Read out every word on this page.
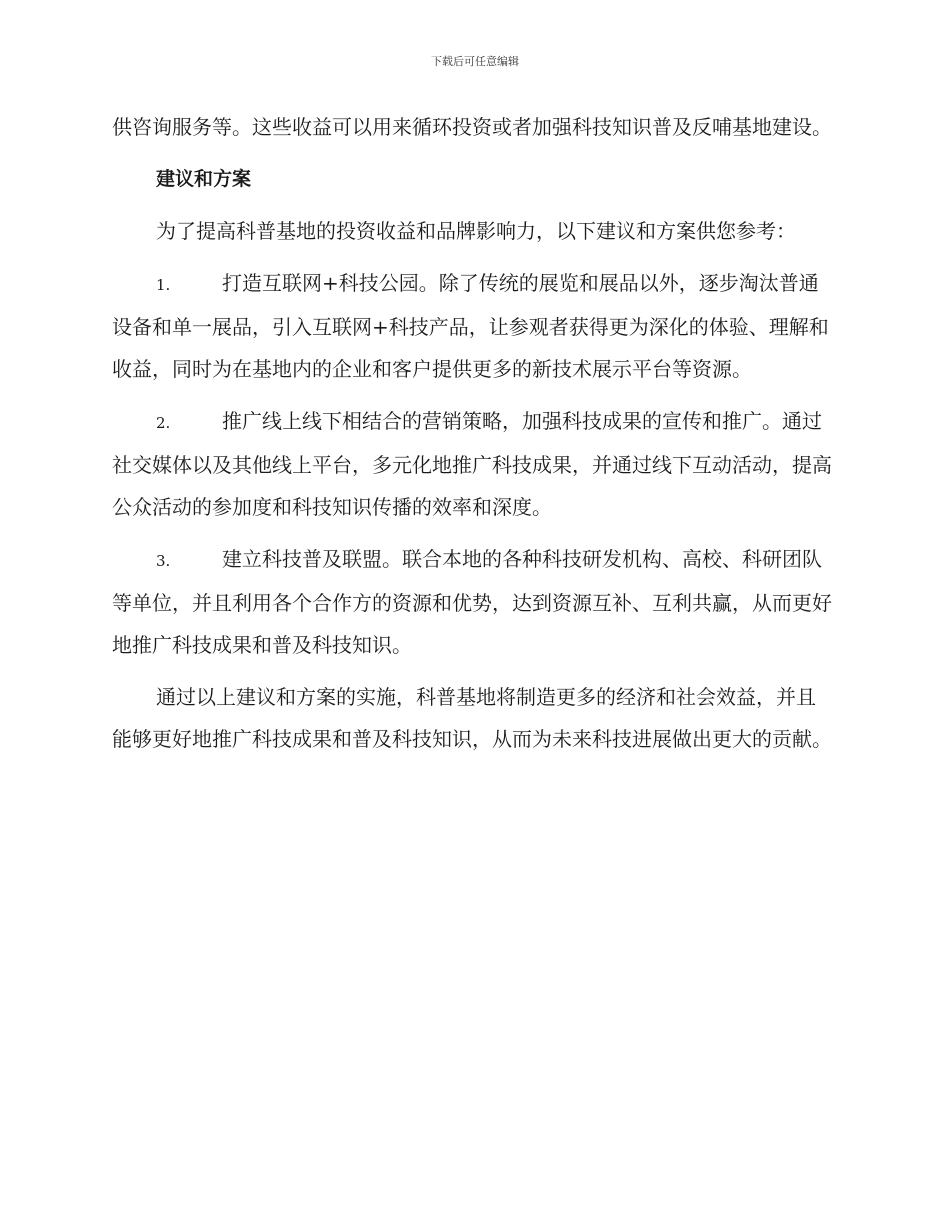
下载后可任意编辑

供咨询服务等。这些收益可以用来循环投资或者加强科技知识普及反哺基地建设。

建议和方案

为了提高科普基地的投资收益和品牌影响力，以下建议和方案供您参考：

1.	打造互联网+科技公园。除了传统的展览和展品以外，逐步淘汰普通设备和单一展品，引入互联网+科技产品，让参观者获得更为深化的体验、理解和收益，同时为在基地内的企业和客户提供更多的新技术展示平台等资源。

2.	推广线上线下相结合的营销策略，加强科技成果的宣传和推广。通过社交媒体以及其他线上平台，多元化地推广科技成果，并通过线下互动活动，提高公众活动的参加度和科技知识传播的效率和深度。

3.	建立科技普及联盟。联合本地的各种科技研发机构、高校、科研团队等单位，并且利用各个合作方的资源和优势，达到资源互补、互利共赢，从而更好地推广科技成果和普及科技知识。

通过以上建议和方案的实施，科普基地将制造更多的经济和社会效益，并且能够更好地推广科技成果和普及科技知识，从而为未来科技进展做出更大的贡献。
